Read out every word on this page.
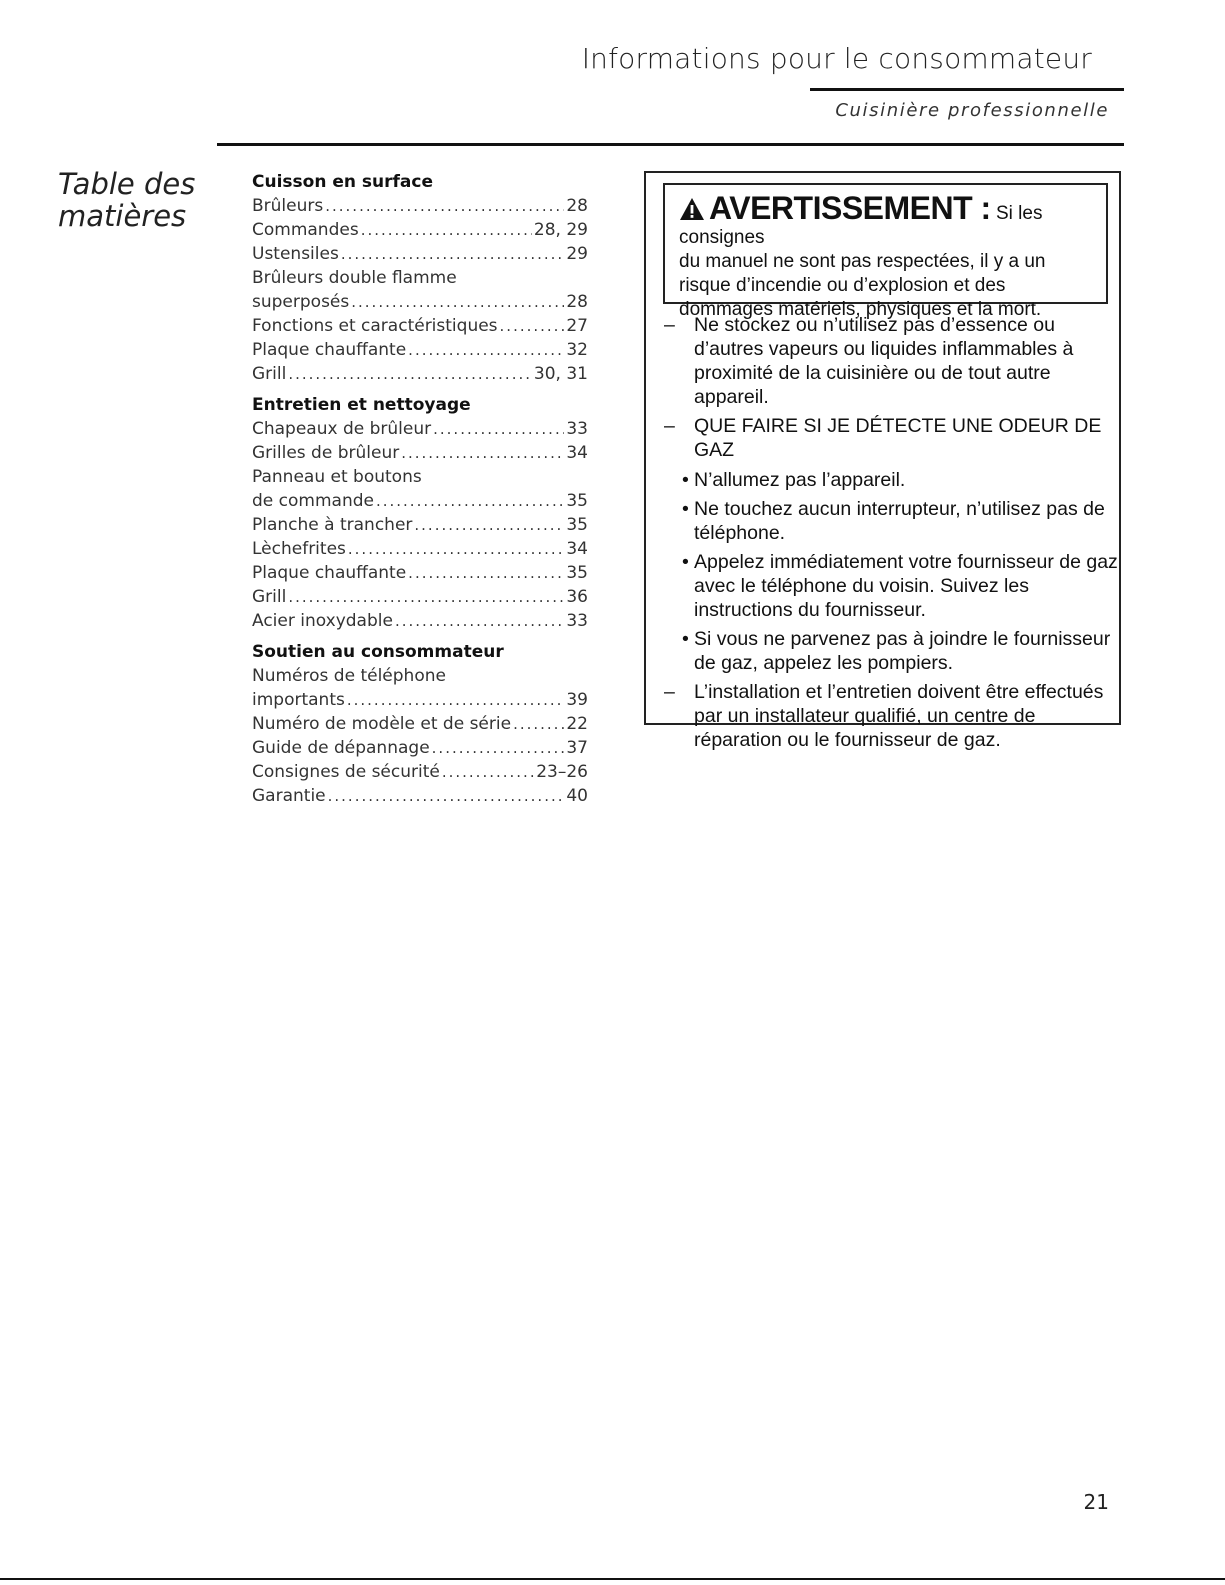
Informations pour le consommateur
Cuisinière professionnelle
Table des
matières
Cuisson en surface
Brûleurs .....	28
Commandes .....	28, 29
Ustensiles .....	29
Brûleurs double flamme
superposés .....	28
Fonctions et caractéristiques .....	27
Plaque chauffante .....	32
Grill .....	30, 31
Entretien et nettoyage
Chapeaux de brûleur .....	33
Grilles de brûleur .....	34
Panneau et boutons
de commande .....	35
Planche à trancher .....	35
Lèchefrites .....	34
Plaque chauffante .....	35
Grill .....	36
Acier inoxydable .....	33
Soutien au consommateur
Numéros de téléphone
importants .....	39
Numéro de modèle et de série .....	22
Guide de dépannage .....	37
Consignes de sécurité .....	23–26
Garantie .....	40
AVERTISSEMENT : Si les consignes
du manuel ne sont pas respectées, il y a un risque d’incendie ou d’explosion et des dommages matériels, physiques et la mort.
– Ne stockez ou n’utilisez pas d’essence ou d’autres vapeurs ou liquides inflammables à proximité de la cuisinière ou de tout autre appareil.
– QUE FAIRE SI JE DÉTECTE UNE ODEUR DE GAZ
• N’allumez pas l’appareil.
• Ne touchez aucun interrupteur, n’utilisez pas de téléphone.
• Appelez immédiatement votre fournisseur de gaz avec le téléphone du voisin. Suivez les instructions du fournisseur.
• Si vous ne parvenez pas à joindre le fournisseur de gaz, appelez les pompiers.
– L’installation et l’entretien doivent être effectués par un installateur qualifié, un centre de réparation ou le fournisseur de gaz.
21
